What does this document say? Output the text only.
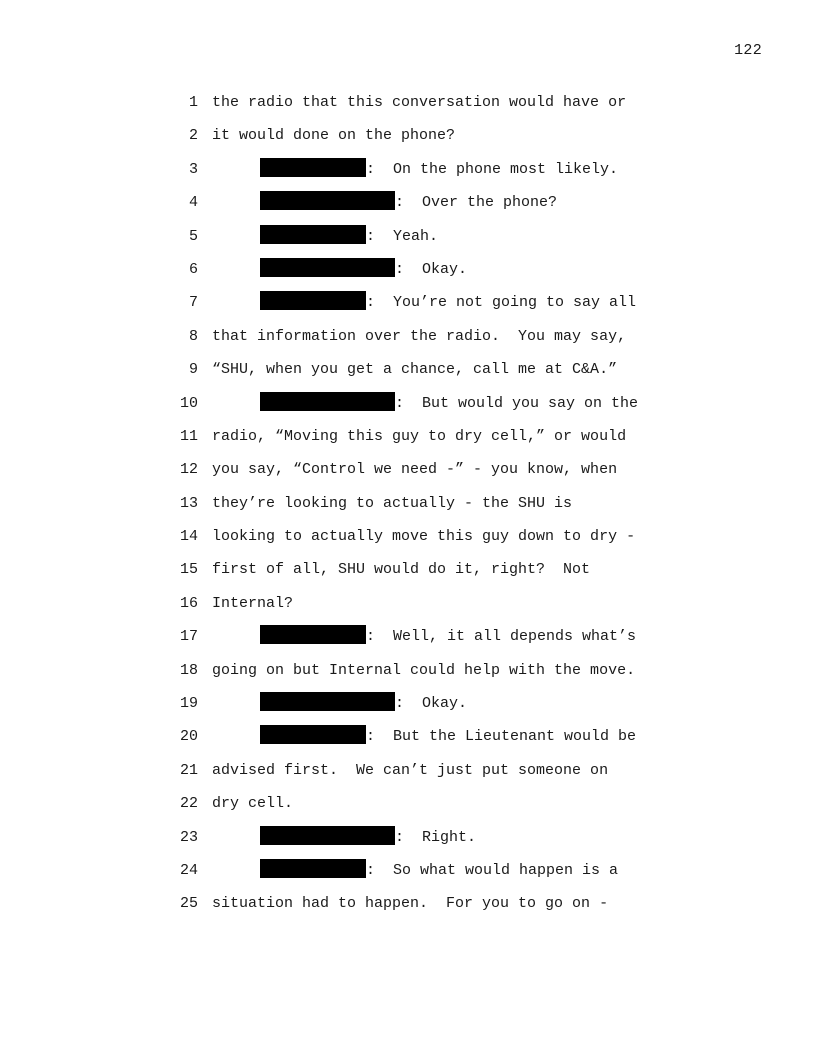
122
1 the radio that this conversation would have or
2 it would done on the phone?
3	:  On the phone most likely.
4	:  Over the phone?
5	:  Yeah.
6	:  Okay.
7	:  You’re not going to say all
8 that information over the radio.  You may say,
9 “SHU, when you get a chance, call me at C&A.”
10	:  But would you say on the
11 radio, “Moving this guy to dry cell,” or would
12 you say, “Control we need -” - you know, when
13 they’re looking to actually - the SHU is
14 looking to actually move this guy down to dry -
15 first of all, SHU would do it, right?  Not
16 Internal?
17	:  Well, it all depends what’s
18 going on but Internal could help with the move.
19	:  Okay.
20	:  But the Lieutenant would be
21 advised first.  We can’t just put someone on
22 dry cell.
23	:  Right.
24	:  So what would happen is a
25 situation had to happen.  For you to go on -
